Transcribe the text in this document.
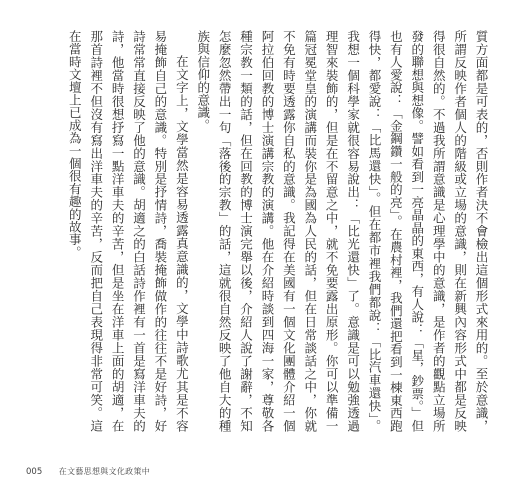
質方面都是可表的，否則作者決不會檢出這個形式來用的。至於意識，所謂反映作者個人的階級或立場的意識，則在新興內容形式中都是反映得很自然的。不過我所謂意識是心理學中的意識，是作者的觀點立場所發的聯想與想像。譬如看到一亮晶晶的東西，有人說：「星，鈔票。」但也有人愛說：「金鋼鑽一般的亮」。在農村裡，我們還把看到一棟東西跑得快，都愛說：「比馬還快」。但在都市裡我們都說：「比汽車還快」。我想一個科學家就很容易說出：「比光還快」了。意識是可以勉強透過理智來裝飾的，但是在不留意之中，就不免要露出原形。你可以準備一篇冠冕堂皇的演講而裝你是為國為人民的話，但在日常談話之中，你就不免有時要透露你自私的意識。我記得在美國有一個文化團體介紹一個阿拉伯回教的博士演講宗教的演講。他在介紹時談到四海一家，尊敬各種宗教一類的話，但在回教的博士演完舉以後，介紹人說了謝辭，不知怎麼忽然帶出一句「落後的宗教」的話，這就很自然反映了他自大的種族與信仰的意識。

在文字上，文學當然是容易透露真意識的，文學中詩歌尤其是不容易掩飾自己的意識。特別是抒情詩，喬裝掩飾做作的往往不是好詩，好詩常常直接反映了他的意識。胡適之的白話詩作裡有一首是寫洋車夫的詩，他當時很想抒寫一點洋車夫的辛苦，但是坐在洋車上面的胡適，在那首詩裡不但沒有寫出洋車夫的辛苦，反而把自己表現得非常可笑。這在當時文壇上已成為一個很有趣的故事。

005 在文藝思想與文化政策中
